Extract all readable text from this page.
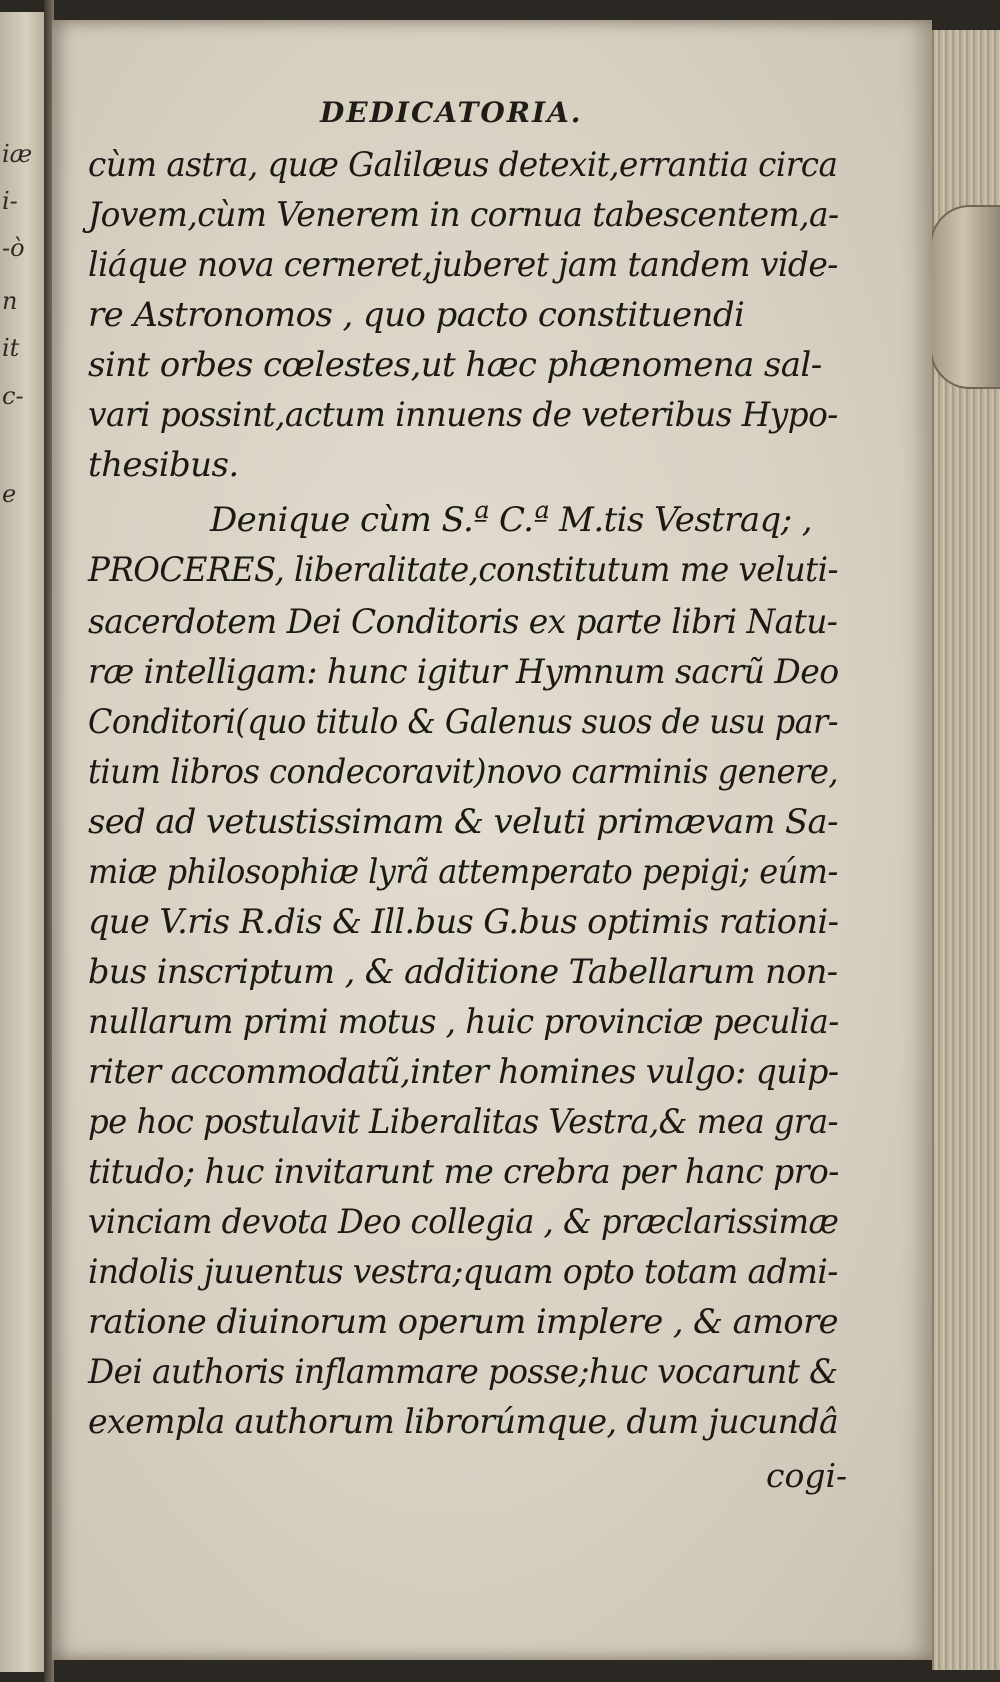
iæ
i-
-ò
n
it
c-
e
DEDICATORIA.
cùm astra, quæ Galilæus detexit,errantia circa
Jovem,cùm Venerem in cornua tabescentem,a-
liáque nova cerneret,juberet jam tandem vide-
re Astronomos , quo pacto constituendi
sint orbes cœlestes,ut hæc phænomena sal-
vari possint,actum innuens de veteribus Hypo-
thesibus.
Denique cùm S.ª C.ª M.tis Vestraq; ,
PROCERES, liberalitate,constitutum me veluti-
sacerdotem Dei Conditoris ex parte libri Natu-
ræ intelligam: hunc igitur Hymnum sacrũ Deo
Conditori(quo titulo & Galenus suos de usu par-
tium libros condecoravit)novo carminis genere,
sed ad vetustissimam & veluti primævam Sa-
miæ philosophiæ lyrã attemperato pepigi; eúm-
que V.ris R.dis & Ill.bus G.bus optimis rationi-
bus inscriptum , & additione Tabellarum non-
nullarum primi motus , huic provinciæ peculia-
riter accommodatũ,inter homines vulgo: quip-
pe hoc postulavit Liberalitas Vestra,& mea gra-
titudo; huc invitarunt me crebra per hanc pro-
vinciam devota Deo collegia , & præclarissimæ
indolis juuentus vestra;quam opto totam admi-
ratione diuinorum operum implere , & amore
Dei authoris inflammare posse;huc vocarunt &
exempla authorum librorúmque, dum jucundâ
cogi-
